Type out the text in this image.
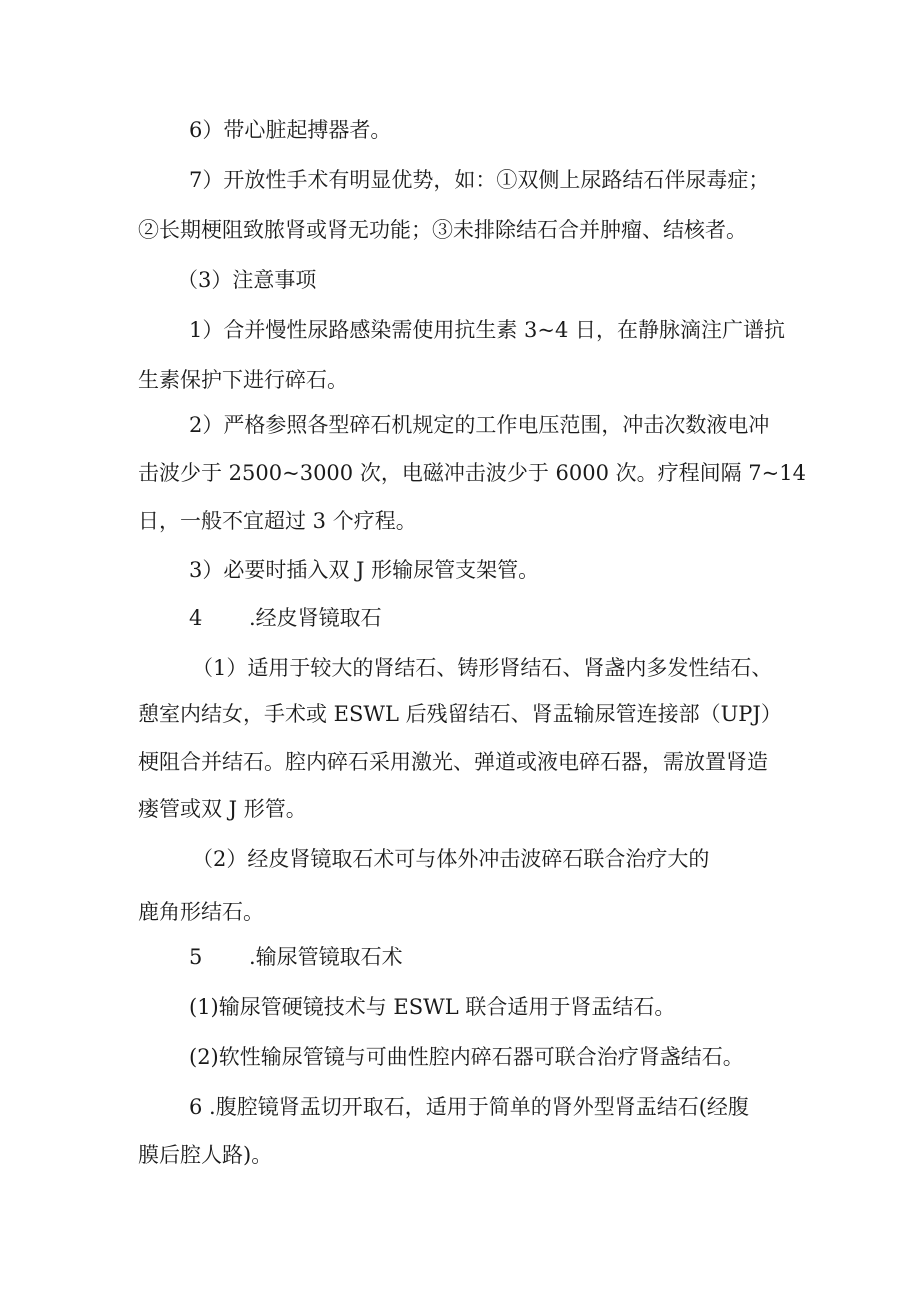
6）带心脏起搏器者。
7）开放性手术有明显优势，如：①双侧上尿路结石伴尿毒症；
②长期梗阻致脓肾或肾无功能；③未排除结石合并肿瘤、结核者。
（3）注意事项
1）合并慢性尿路感染需使用抗生素 3~4 日，在静脉滴注广谱抗
生素保护下进行碎石。
2）严格参照各型碎石机规定的工作电压范围，冲击次数液电冲
击波少于 2500~3000 次，电磁冲击波少于 6000 次。疗程间隔 7~14
日，一般不宜超过 3 个疗程。
3）必要时插入双 J 形输尿管支架管。
4 .经皮肾镜取石
（1）适用于较大的肾结石、铸形肾结石、肾盏内多发性结石、
憩室内结女，手术或 ESWL 后残留结石、肾盂输尿管连接部（UPJ）
梗阻合并结石。腔内碎石采用激光、弹道或液电碎石器，需放置肾造
瘘管或双 J 形管。
（2）经皮肾镜取石术可与体外冲击波碎石联合治疗大的
鹿角形结石。
5 .输尿管镜取石术
(1)输尿管硬镜技术与 ESWL 联合适用于肾盂结石。
(2)软性输尿管镜与可曲性腔内碎石器可联合治疗肾盏结石。
6 .腹腔镜肾盂切开取石，适用于简单的肾外型肾盂结石(经腹
膜后腔人路)。
